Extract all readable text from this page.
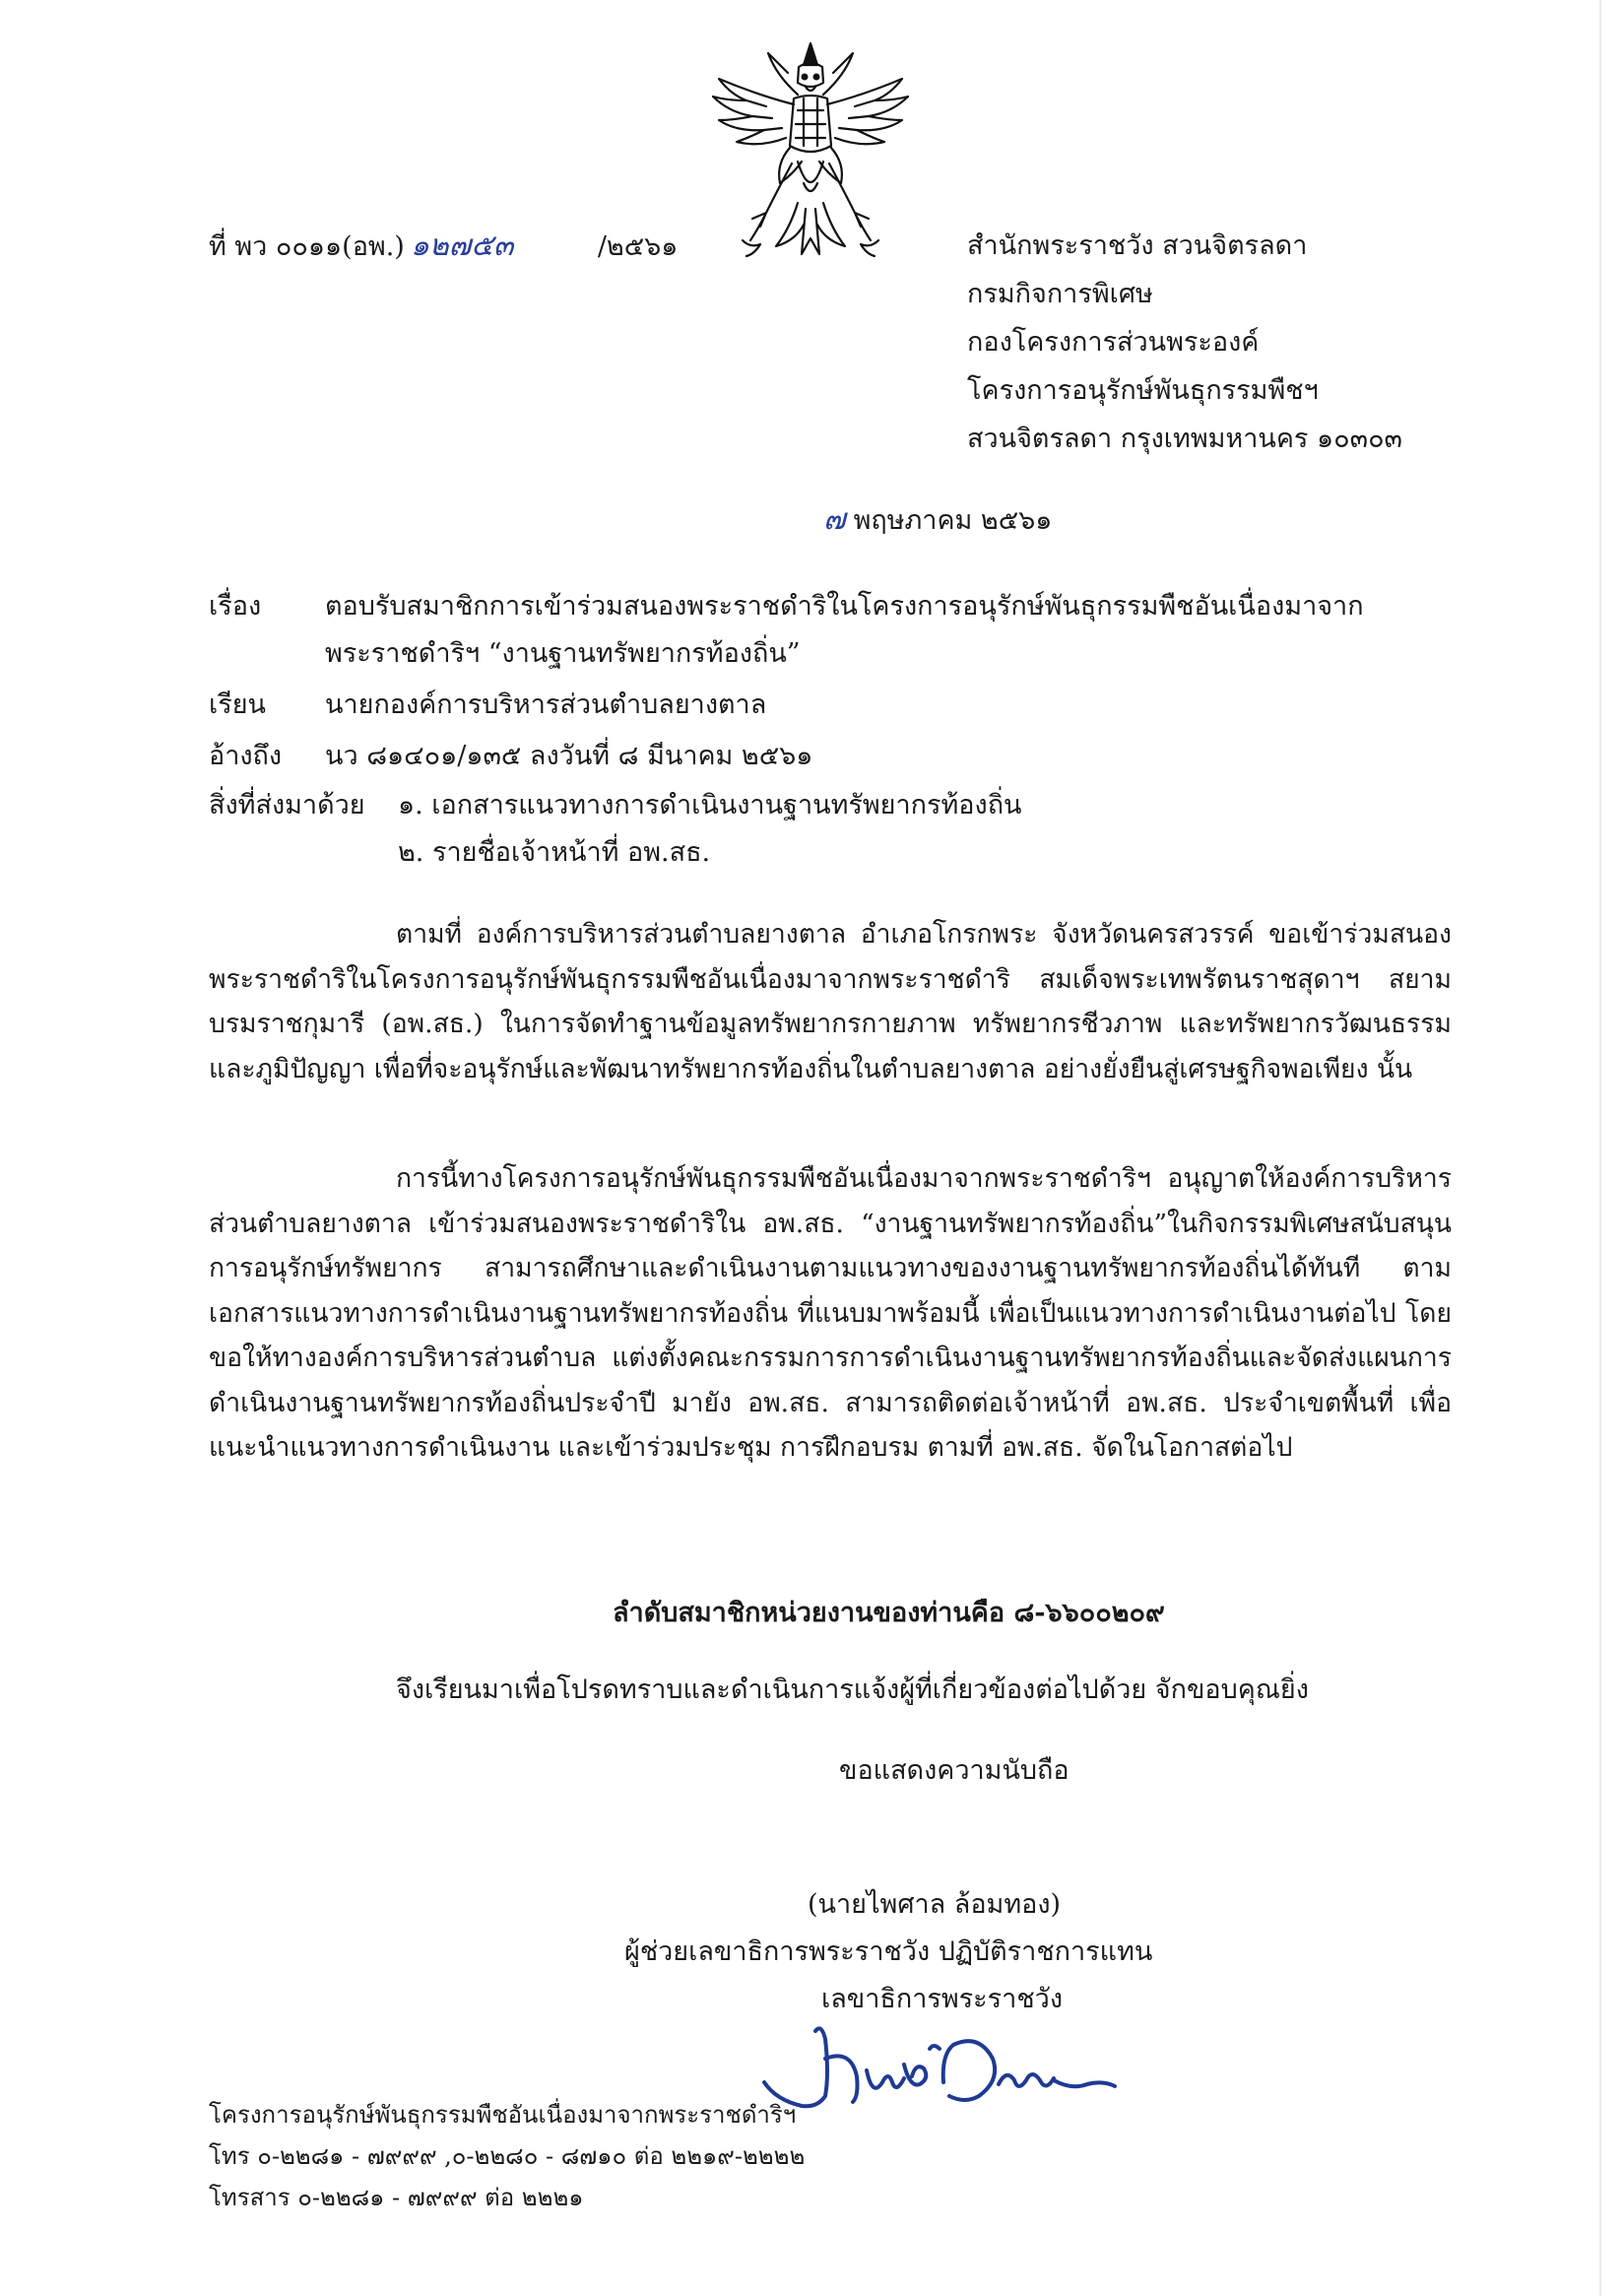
ที่ พว ๐๐๑๑(อพ.) ๑๒๗๕๓	/๒๕๖๑	สำนักพระราชวัง สวนจิตรลดา
กรมกิจการพิเศษ
กองโครงการส่วนพระองค์
โครงการอนุรักษ์พันธุกรรมพืชฯ
สวนจิตรลดา กรุงเทพมหานคร ๑๐๓๐๓
๗ พฤษภาคม ๒๕๖๑
เรื่อง ตอบรับสมาชิกการเข้าร่วมสนองพระราชดำริในโครงการอนุรักษ์พันธุกรรมพืชอันเนื่องมาจาก
พระราชดำริฯ “งานฐานทรัพยากรท้องถิ่น”
เรียน นายกองค์การบริหารส่วนตำบลยางตาล
อ้างถึง นว ๘๑๔๐๑/๑๓๕ ลงวันที่ ๘ มีนาคม ๒๕๖๑
สิ่งที่ส่งมาด้วย ๑. เอกสารแนวทางการดำเนินงานฐานทรัพยากรท้องถิ่น
๒. รายชื่อเจ้าหน้าที่ อพ.สธ.
ตามที่ องค์การบริหารส่วนตำบลยางตาล อำเภอโกรกพระ จังหวัดนครสวรรค์ ขอเข้าร่วมสนองพระราชดำริในโครงการอนุรักษ์พันธุกรรมพืชอันเนื่องมาจากพระราชดำริ สมเด็จพระเทพรัตนราชสุดาฯ สยามบรมราชกุมารี (อพ.สธ.) ในการจัดทำฐานข้อมูลทรัพยากรกายภาพ ทรัพยากรชีวภาพ และทรัพยากรวัฒนธรรมและภูมิปัญญา เพื่อที่จะอนุรักษ์และพัฒนาทรัพยากรท้องถิ่นในตำบลยางตาล อย่างยั่งยืนสู่เศรษฐกิจพอเพียง นั้น
การนี้ทางโครงการอนุรักษ์พันธุกรรมพืชอันเนื่องมาจากพระราชดำริฯ อนุญาตให้องค์การบริหารส่วนตำบลยางตาล เข้าร่วมสนองพระราชดำริใน อพ.สธ. “งานฐานทรัพยากรท้องถิ่น”ในกิจกรรมพิเศษสนับสนุนการอนุรักษ์ทรัพยากร สามารถศึกษาและดำเนินงานตามแนวทางของงานฐานทรัพยากรท้องถิ่นได้ทันที ตามเอกสารแนวทางการดำเนินงานฐานทรัพยากรท้องถิ่น ที่แนบมาพร้อมนี้ เพื่อเป็นแนวทางการดำเนินงานต่อไป โดยขอให้ทางองค์การบริหารส่วนตำบล แต่งตั้งคณะกรรมการการดำเนินงานฐานทรัพยากรท้องถิ่นและจัดส่งแผนการดำเนินงานฐานทรัพยากรท้องถิ่นประจำปี มายัง อพ.สธ. สามารถติดต่อเจ้าหน้าที่ อพ.สธ. ประจำเขตพื้นที่ เพื่อแนะนำแนวทางการดำเนินงาน และเข้าร่วมประชุม การฝึกอบรม ตามที่ อพ.สธ. จัดในโอกาสต่อไป
ลำดับสมาชิกหน่วยงานของท่านคือ ๘-๖๖๐๐๒๐๙
จึงเรียนมาเพื่อโปรดทราบและดำเนินการแจ้งผู้ที่เกี่ยวข้องต่อไปด้วย จักขอบคุณยิ่ง
ขอแสดงความนับถือ
(นายไพศาล ล้อมทอง)
ผู้ช่วยเลขาธิการพระราชวัง ปฏิบัติราชการแทน
เลขาธิการพระราชวัง
โครงการอนุรักษ์พันธุกรรมพืชอันเนื่องมาจากพระราชดำริฯ
โทร ๐-๒๒๘๑ - ๗๙๙๙ ,๐-๒๒๘๐ - ๘๗๑๐ ต่อ ๒๒๑๙-๒๒๒๒
โทรสาร ๐-๒๒๘๑ - ๗๙๙๙ ต่อ ๒๒๒๑
